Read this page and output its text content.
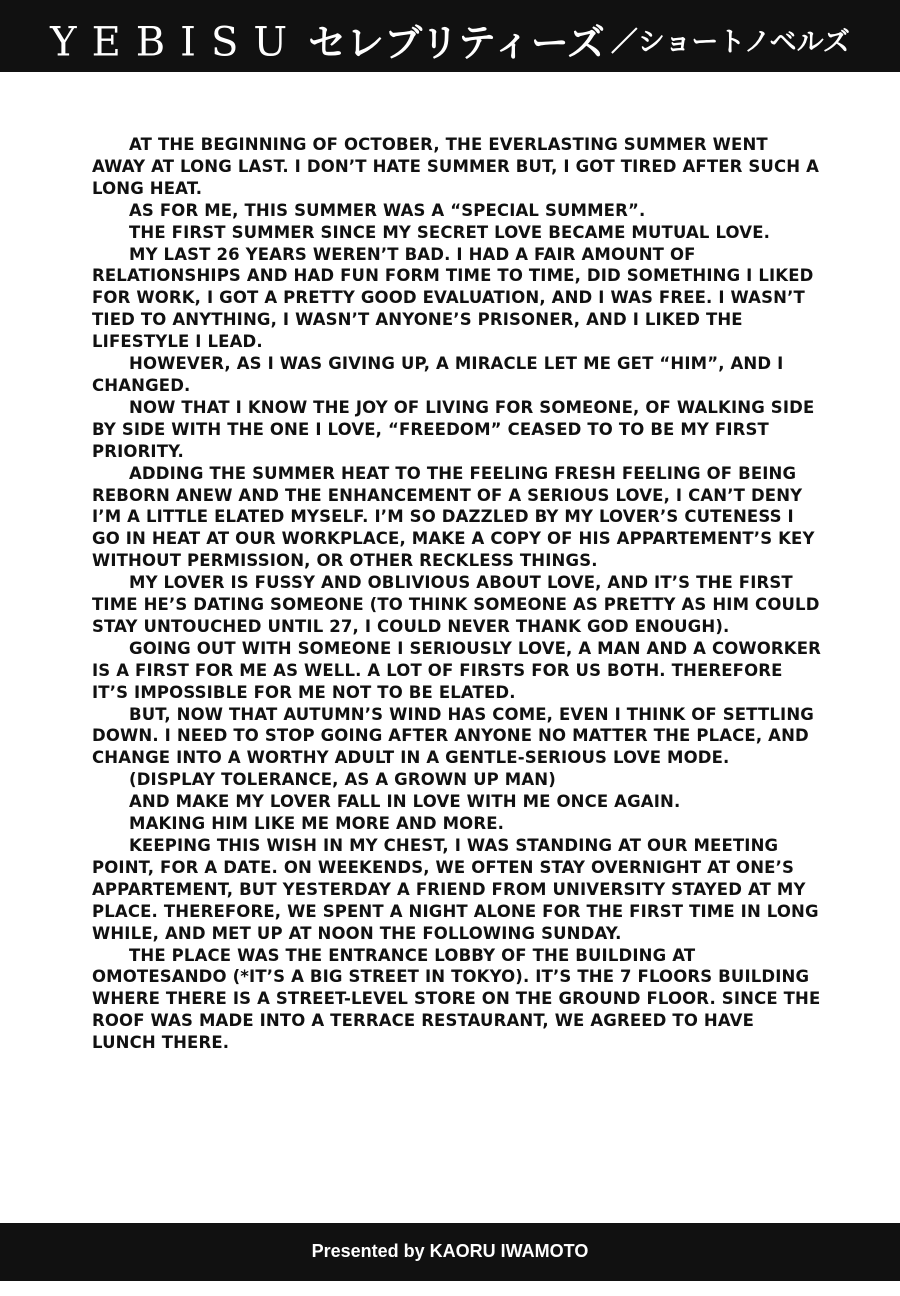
YEBISU セレブリティーズ ／ショートノベルズ

AT THE BEGINNING OF OCTOBER, THE EVERLASTING SUMMER WENT AWAY AT LONG LAST. I DON’T HATE SUMMER BUT, I GOT TIRED AFTER SUCH A LONG HEAT.

AS FOR ME, THIS SUMMER WAS A “SPECIAL SUMMER”.

THE FIRST SUMMER SINCE MY SECRET LOVE BECAME MUTUAL LOVE.

MY LAST 26 YEARS WEREN’T BAD. I HAD A FAIR AMOUNT OF RELATIONSHIPS AND HAD FUN FORM TIME TO TIME, DID SOMETHING I LIKED FOR WORK, I GOT A PRETTY GOOD EVALUATION, AND I WAS FREE. I WASN’T TIED TO ANYTHING, I WASN’T ANYONE’S PRISONER, AND I LIKED THE LIFESTYLE I LEAD.

HOWEVER, AS I WAS GIVING UP, A MIRACLE LET ME GET “HIM”, AND I CHANGED.

NOW THAT I KNOW THE JOY OF LIVING FOR SOMEONE, OF WALKING SIDE BY SIDE WITH THE ONE I LOVE, “FREEDOM” CEASED TO TO BE MY FIRST PRIORITY.

ADDING THE SUMMER HEAT TO THE FEELING FRESH FEELING OF BEING REBORN ANEW AND THE ENHANCEMENT OF A SERIOUS LOVE, I CAN’T DENY I’M A LITTLE ELATED MYSELF. I’M SO DAZZLED BY MY LOVER’S CUTENESS I GO IN HEAT AT OUR WORKPLACE, MAKE A COPY OF HIS APPARTEMENT’S KEY WITHOUT PERMISSION, OR OTHER RECKLESS THINGS.

MY LOVER IS FUSSY AND OBLIVIOUS ABOUT LOVE, AND IT’S THE FIRST TIME HE’S DATING SOMEONE (TO THINK SOMEONE AS PRETTY AS HIM COULD STAY UNTOUCHED UNTIL 27, I COULD NEVER THANK GOD ENOUGH).

GOING OUT WITH SOMEONE I SERIOUSLY LOVE, A MAN AND A COWORKER IS A FIRST FOR ME AS WELL. A LOT OF FIRSTS FOR US BOTH. THEREFORE IT’S IMPOSSIBLE FOR ME NOT TO BE ELATED.

BUT, NOW THAT AUTUMN’S WIND HAS COME, EVEN I THINK OF SETTLING DOWN. I NEED TO STOP GOING AFTER ANYONE NO MATTER THE PLACE, AND CHANGE INTO A WORTHY ADULT IN A GENTLE-SERIOUS LOVE MODE.

(DISPLAY TOLERANCE, AS A GROWN UP MAN)

AND MAKE MY LOVER FALL IN LOVE WITH ME ONCE AGAIN.

MAKING HIM LIKE ME MORE AND MORE.

KEEPING THIS WISH IN MY CHEST, I WAS STANDING AT OUR MEETING POINT, FOR A DATE. ON WEEKENDS, WE OFTEN STAY OVERNIGHT AT ONE’S APPARTEMENT, BUT YESTERDAY A FRIEND FROM UNIVERSITY STAYED AT MY PLACE. THEREFORE, WE SPENT A NIGHT ALONE FOR THE FIRST TIME IN LONG WHILE, AND MET UP AT NOON THE FOLLOWING SUNDAY.

THE PLACE WAS THE ENTRANCE LOBBY OF THE BUILDING AT OMOTESANDO (*IT’S A BIG STREET IN TOKYO). IT’S THE 7 FLOORS BUILDING WHERE THERE IS A STREET-LEVEL STORE ON THE GROUND FLOOR. SINCE THE ROOF WAS MADE INTO A TERRACE RESTAURANT, WE AGREED TO HAVE LUNCH THERE.

Presented by KAORU IWAMOTO
